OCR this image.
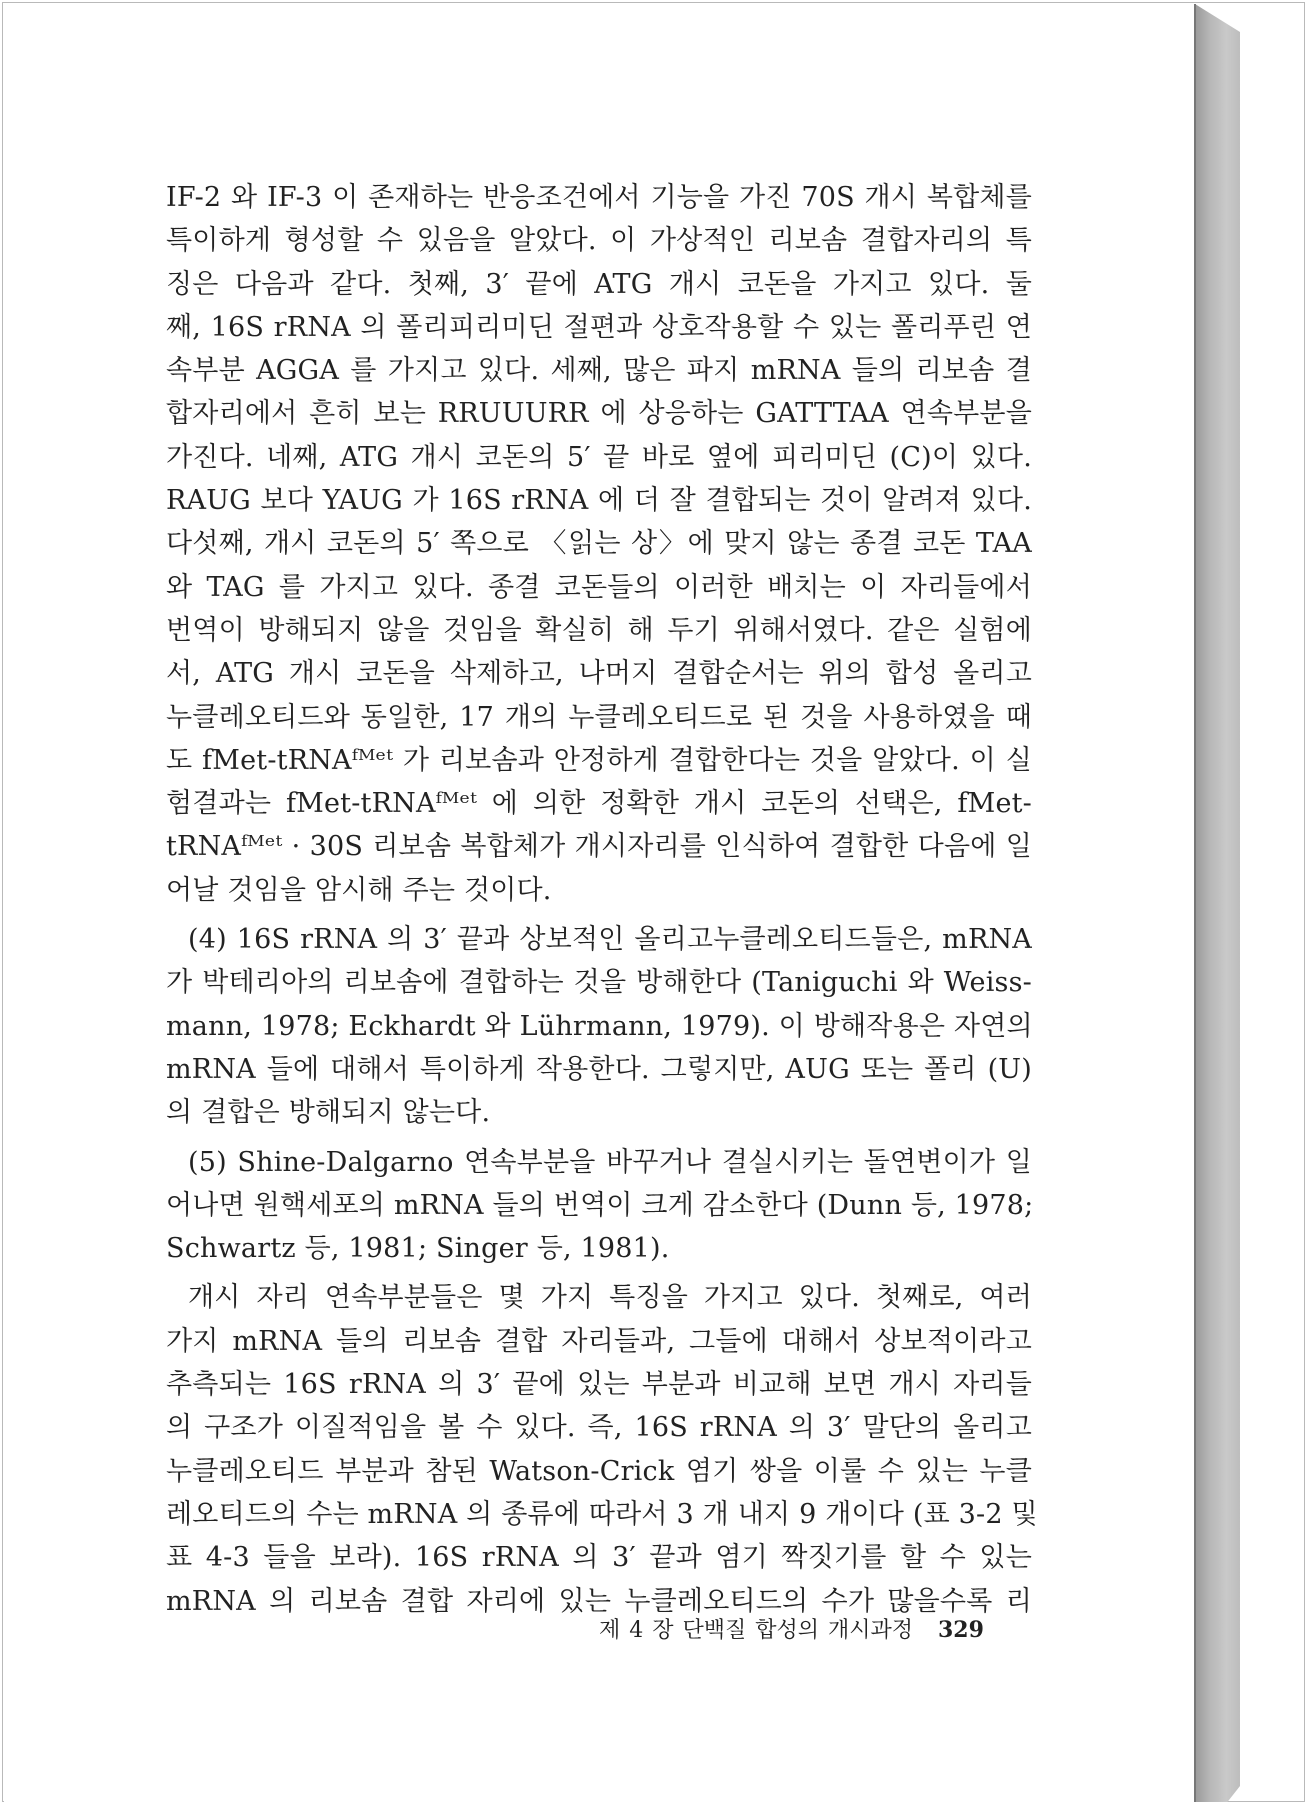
IF-2 와 IF-3 이 존재하는 반응조건에서 기능을 가진 70S 개시 복합체를
특이하게 형성할 수 있음을 알았다. 이 가상적인 리보솜 결합자리의 특
징은 다음과 같다. 첫째, 3′ 끝에 ATG 개시 코돈을 가지고 있다. 둘
째, 16S rRNA 의 폴리피리미딘 절편과 상호작용할 수 있는 폴리푸린 연
속부분 AGGA 를 가지고 있다. 세째, 많은 파지 mRNA 들의 리보솜 결
합자리에서 흔히 보는 RRUUURR 에 상응하는 GATTTAA 연속부분을
가진다. 네째, ATG 개시 코돈의 5′ 끝 바로 옆에 피리미딘 (C)이 있다.
RAUG 보다 YAUG 가 16S rRNA 에 더 잘 결합되는 것이 알려져 있다.
다섯째, 개시 코돈의 5′ 쪽으로 〈읽는 상〉에 맞지 않는 종결 코돈 TAA
와 TAG 를 가지고 있다. 종결 코돈들의 이러한 배치는 이 자리들에서
번역이 방해되지 않을 것임을 확실히 해 두기 위해서였다. 같은 실험에
서, ATG 개시 코돈을 삭제하고, 나머지 결합순서는 위의 합성 올리고
누클레오티드와 동일한, 17 개의 누클레오티드로 된 것을 사용하였을 때
도 fMet-tRNAᶠᴹᵉᵗ 가 리보솜과 안정하게 결합한다는 것을 알았다. 이 실
험결과는 fMet-tRNAᶠᴹᵉᵗ 에 의한 정확한 개시 코돈의 선택은, fMet-
tRNAᶠᴹᵉᵗ · 30S 리보솜 복합체가 개시자리를 인식하여 결합한 다음에 일
어날 것임을 암시해 주는 것이다.
(4) 16S rRNA 의 3′ 끝과 상보적인 올리고누클레오티드들은, mRNA
가 박테리아의 리보솜에 결합하는 것을 방해한다 (Taniguchi 와 Weiss-
mann, 1978; Eckhardt 와 Lührmann, 1979). 이 방해작용은 자연의
mRNA 들에 대해서 특이하게 작용한다. 그렇지만, AUG 또는 폴리 (U)
의 결합은 방해되지 않는다.
(5) Shine-Dalgarno 연속부분을 바꾸거나 결실시키는 돌연변이가 일
어나면 원핵세포의 mRNA 들의 번역이 크게 감소한다 (Dunn 등, 1978;
Schwartz 등, 1981; Singer 등, 1981).
개시 자리 연속부분들은 몇 가지 특징을 가지고 있다. 첫째로, 여러
가지 mRNA 들의 리보솜 결합 자리들과, 그들에 대해서 상보적이라고
추측되는 16S rRNA 의 3′ 끝에 있는 부분과 비교해 보면 개시 자리들
의 구조가 이질적임을 볼 수 있다. 즉, 16S rRNA 의 3′ 말단의 올리고
누클레오티드 부분과 참된 Watson-Crick 염기 쌍을 이룰 수 있는 누클
레오티드의 수는 mRNA 의 종류에 따라서 3 개 내지 9 개이다 (표 3-2 및
표 4-3 들을 보라). 16S rRNA 의 3′ 끝과 염기 짝짓기를 할 수 있는
mRNA 의 리보솜 결합 자리에 있는 누클레오티드의 수가 많을수록 리
제 4 장 단백질 합성의 개시과정 329
